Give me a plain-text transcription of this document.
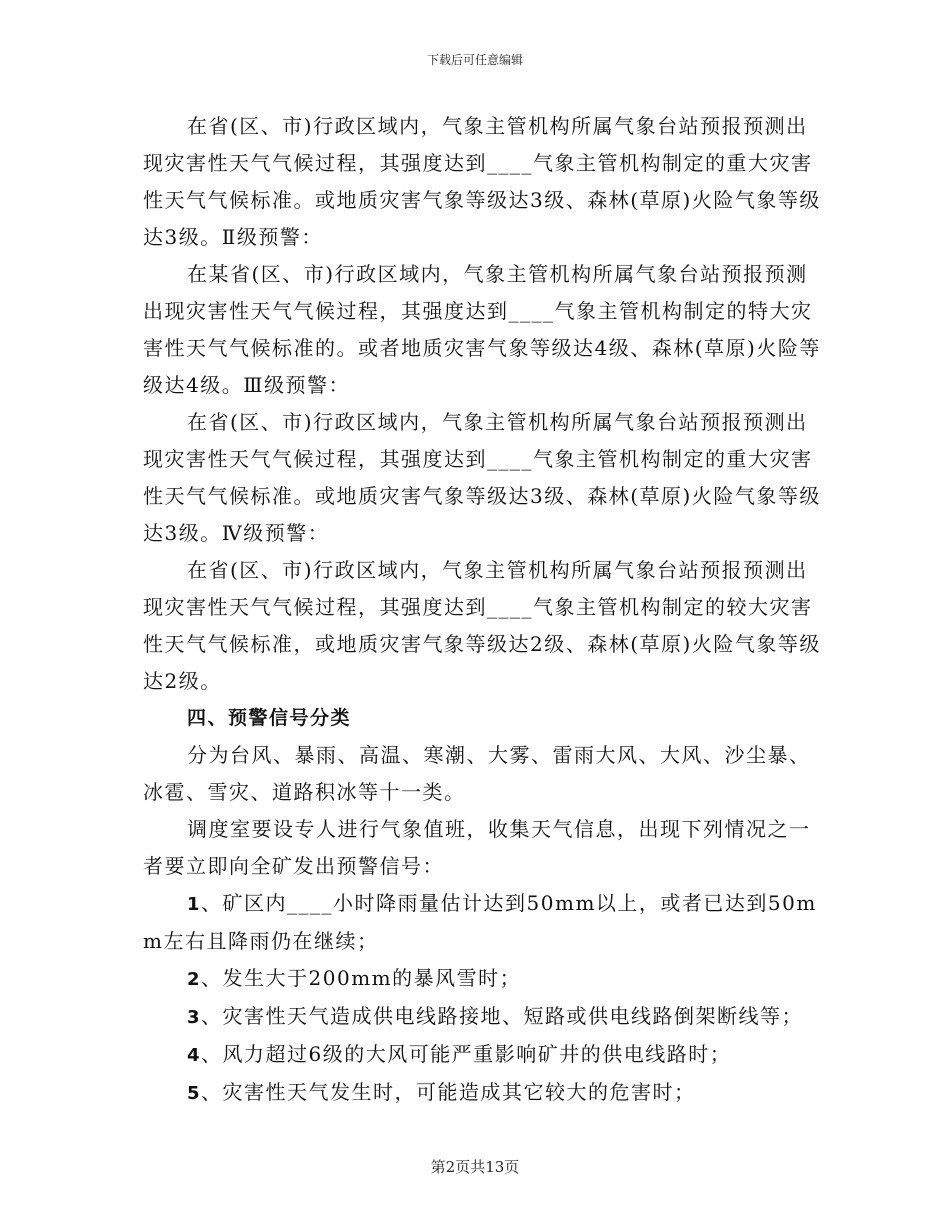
下载后可任意编辑

在省(区、市)行政区域内，气象主管机构所属气象台站预报预测出现灾害性天气气候过程，其强度达到____气象主管机构制定的重大灾害性天气气候标准。或地质灾害气象等级达3级、森林(草原)火险气象等级达3级。Ⅱ级预警：

在某省(区、市)行政区域内，气象主管机构所属气象台站预报预测出现灾害性天气气候过程，其强度达到____气象主管机构制定的特大灾害性天气气候标准的。或者地质灾害气象等级达4级、森林(草原)火险等级达4级。Ⅲ级预警：

在省(区、市)行政区域内，气象主管机构所属气象台站预报预测出现灾害性天气气候过程，其强度达到____气象主管机构制定的重大灾害性天气气候标准。或地质灾害气象等级达3级、森林(草原)火险气象等级达3级。Ⅳ级预警：

在省(区、市)行政区域内，气象主管机构所属气象台站预报预测出现灾害性天气气候过程，其强度达到____气象主管机构制定的较大灾害性天气气候标准，或地质灾害气象等级达2级、森林(草原)火险气象等级达2级。

四、预警信号分类

分为台风、暴雨、高温、寒潮、大雾、雷雨大风、大风、沙尘暴、冰雹、雪灾、道路积冰等十一类。

调度室要设专人进行气象值班，收集天气信息，出现下列情况之一者要立即向全矿发出预警信号：

1、矿区内____小时降雨量估计达到50mm以上，或者已达到50mm左右且降雨仍在继续；

2、发生大于200mm的暴风雪时；

3、灾害性天气造成供电线路接地、短路或供电线路倒架断线等；

4、风力超过6级的大风可能严重影响矿井的供电线路时；

5、灾害性天气发生时，可能造成其它较大的危害时；

第2页共13页
